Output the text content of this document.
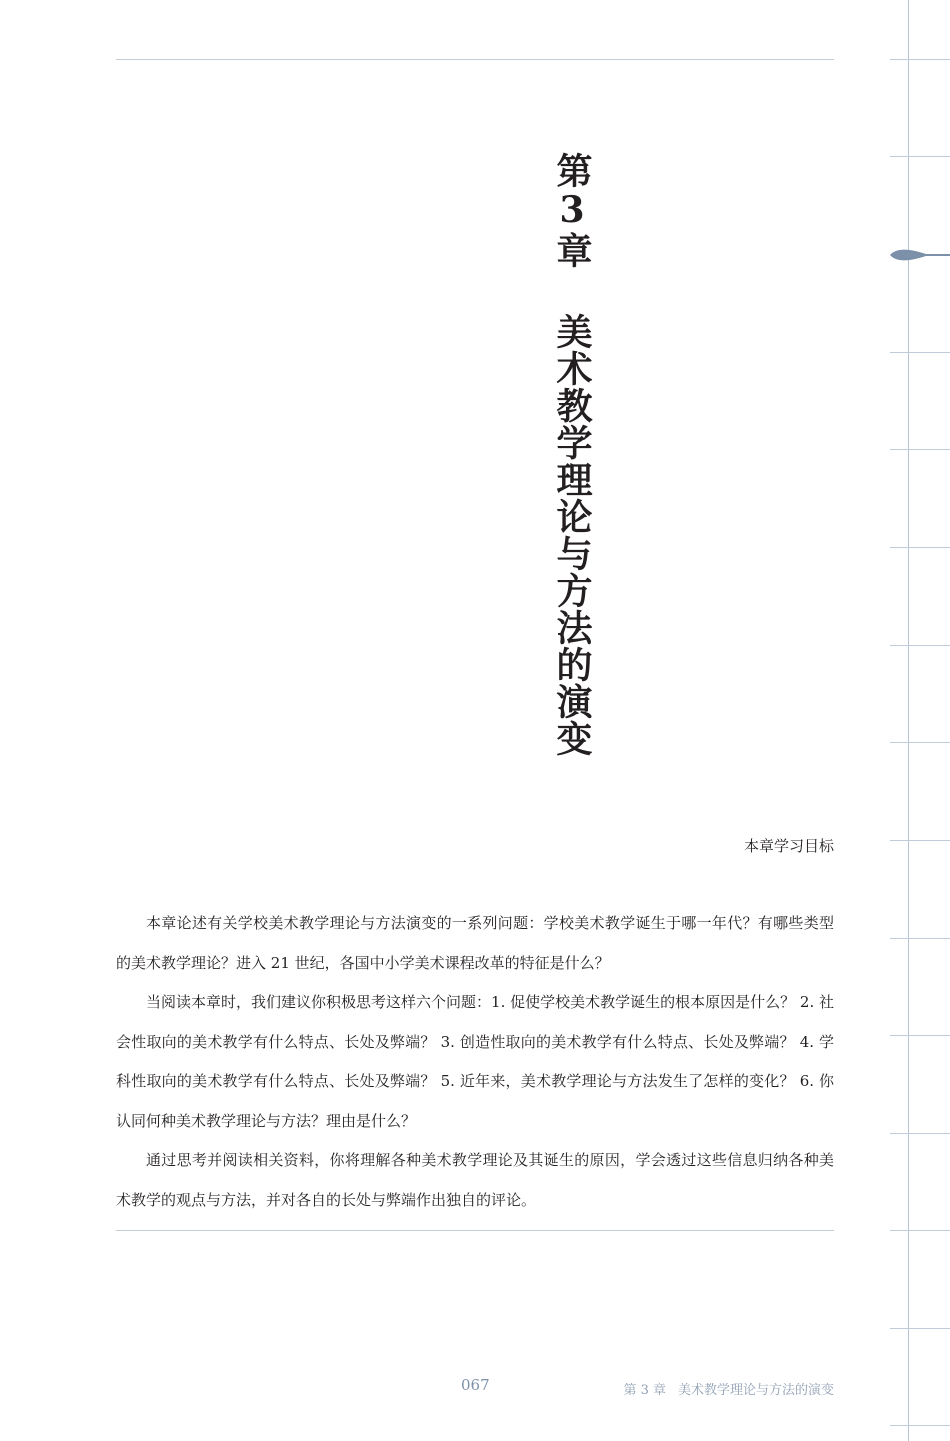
第3章美术教学理论与方法的演变
本章学习目标

本章论述有关学校美术教学理论与方法演变的一系列问题：学校美术教学诞生于哪一年代？有哪些类型的美术教学理论？进入 21 世纪，各国中小学美术课程改革的特征是什么？

当阅读本章时，我们建议你积极思考这样六个问题：1. 促使学校美术教学诞生的根本原因是什么？ 2. 社会性取向的美术教学有什么特点、长处及弊端？ 3. 创造性取向的美术教学有什么特点、长处及弊端？ 4. 学科性取向的美术教学有什么特点、长处及弊端？ 5. 近年来，美术教学理论与方法发生了怎样的变化？ 6. 你认同何种美术教学理论与方法？理由是什么？

通过思考并阅读相关资料，你将理解各种美术教学理论及其诞生的原因，学会透过这些信息归纳各种美术教学的观点与方法，并对各自的长处与弊端作出独自的评论。

067	第 3 章 美术教学理论与方法的演变
